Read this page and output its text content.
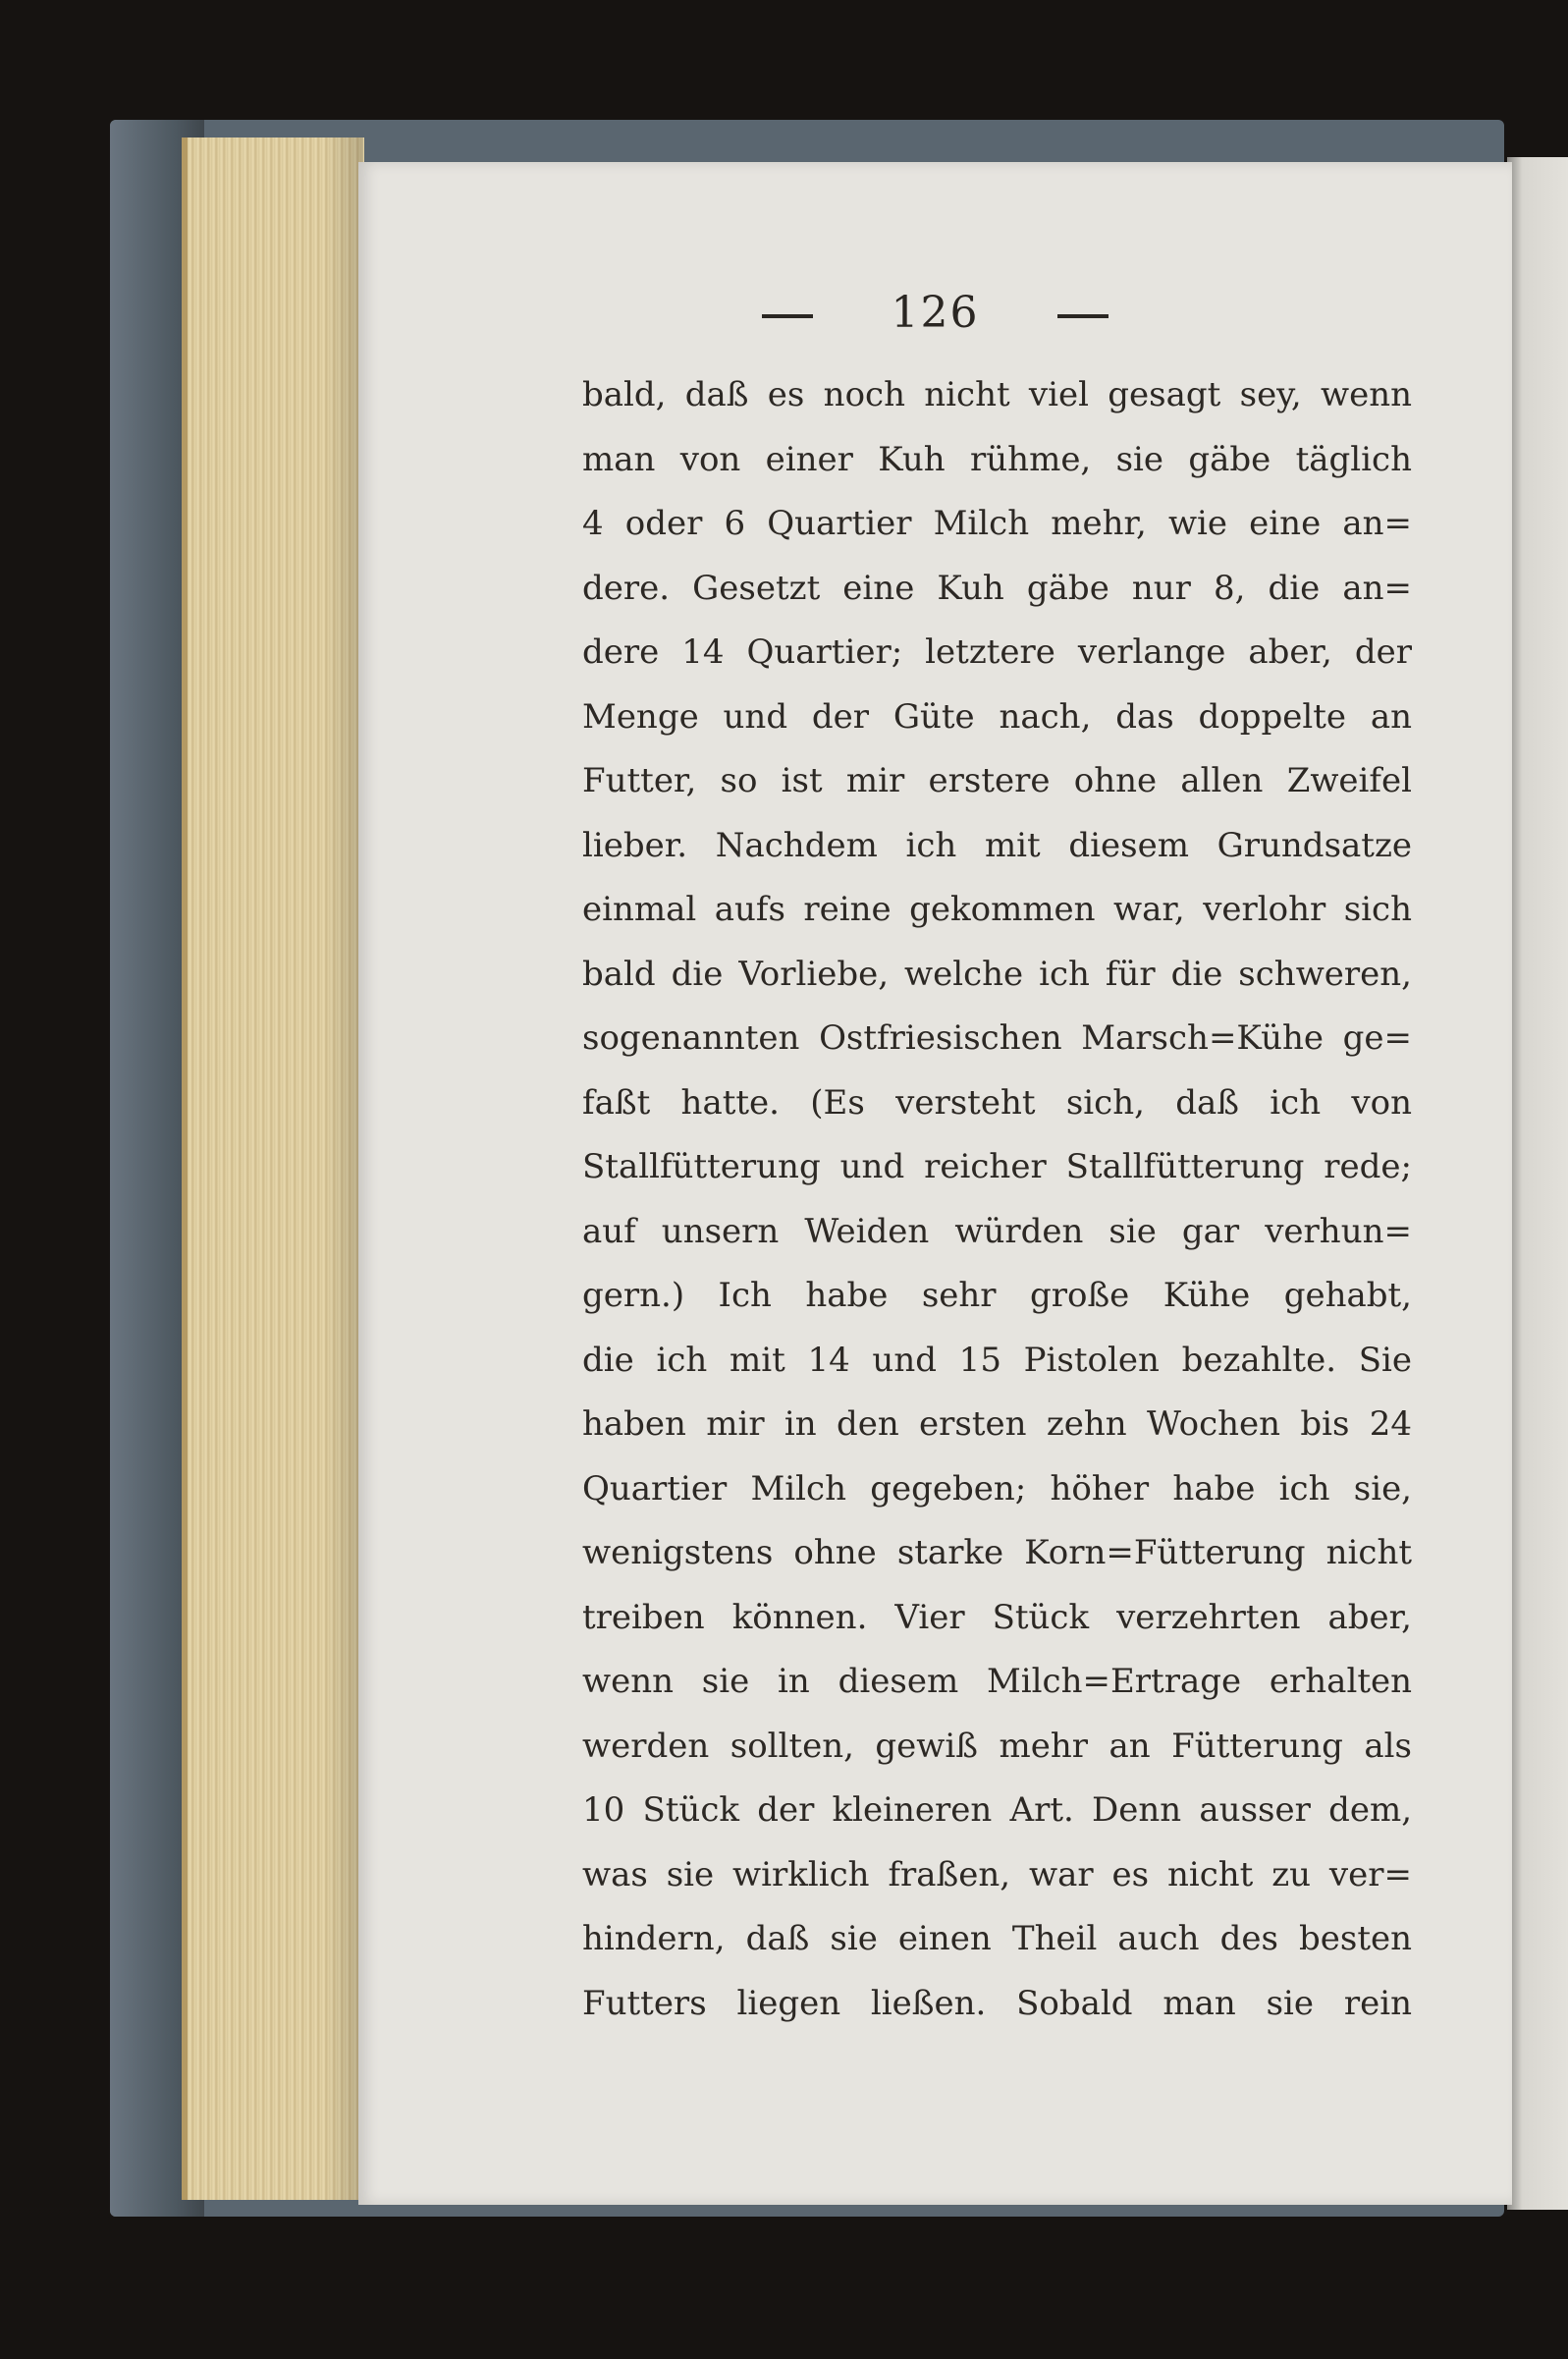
126
bald, daß es noch nicht viel gesagt sey, wenn
man von einer Kuh rühme, sie gäbe täglich
4 oder 6 Quartier Milch mehr, wie eine an=
dere. Gesetzt eine Kuh gäbe nur 8, die an=
dere 14 Quartier; letztere verlange aber, der
Menge und der Güte nach, das doppelte an
Futter, so ist mir erstere ohne allen Zweifel
lieber. Nachdem ich mit diesem Grundsatze
einmal aufs reine gekommen war, verlohr sich
bald die Vorliebe, welche ich für die schweren,
sogenannten Ostfriesischen Marsch=Kühe ge=
faßt hatte. (Es versteht sich, daß ich von
Stallfütterung und reicher Stallfütterung rede;
auf unsern Weiden würden sie gar verhun=
gern.) Ich habe sehr große Kühe gehabt,
die ich mit 14 und 15 Pistolen bezahlte. Sie
haben mir in den ersten zehn Wochen bis 24
Quartier Milch gegeben; höher habe ich sie,
wenigstens ohne starke Korn=Fütterung nicht
treiben können. Vier Stück verzehrten aber,
wenn sie in diesem Milch=Ertrage erhalten
werden sollten, gewiß mehr an Fütterung als
10 Stück der kleineren Art. Denn ausser dem,
was sie wirklich fraßen, war es nicht zu ver=
hindern, daß sie einen Theil auch des besten
Futters liegen ließen. Sobald man sie rein
